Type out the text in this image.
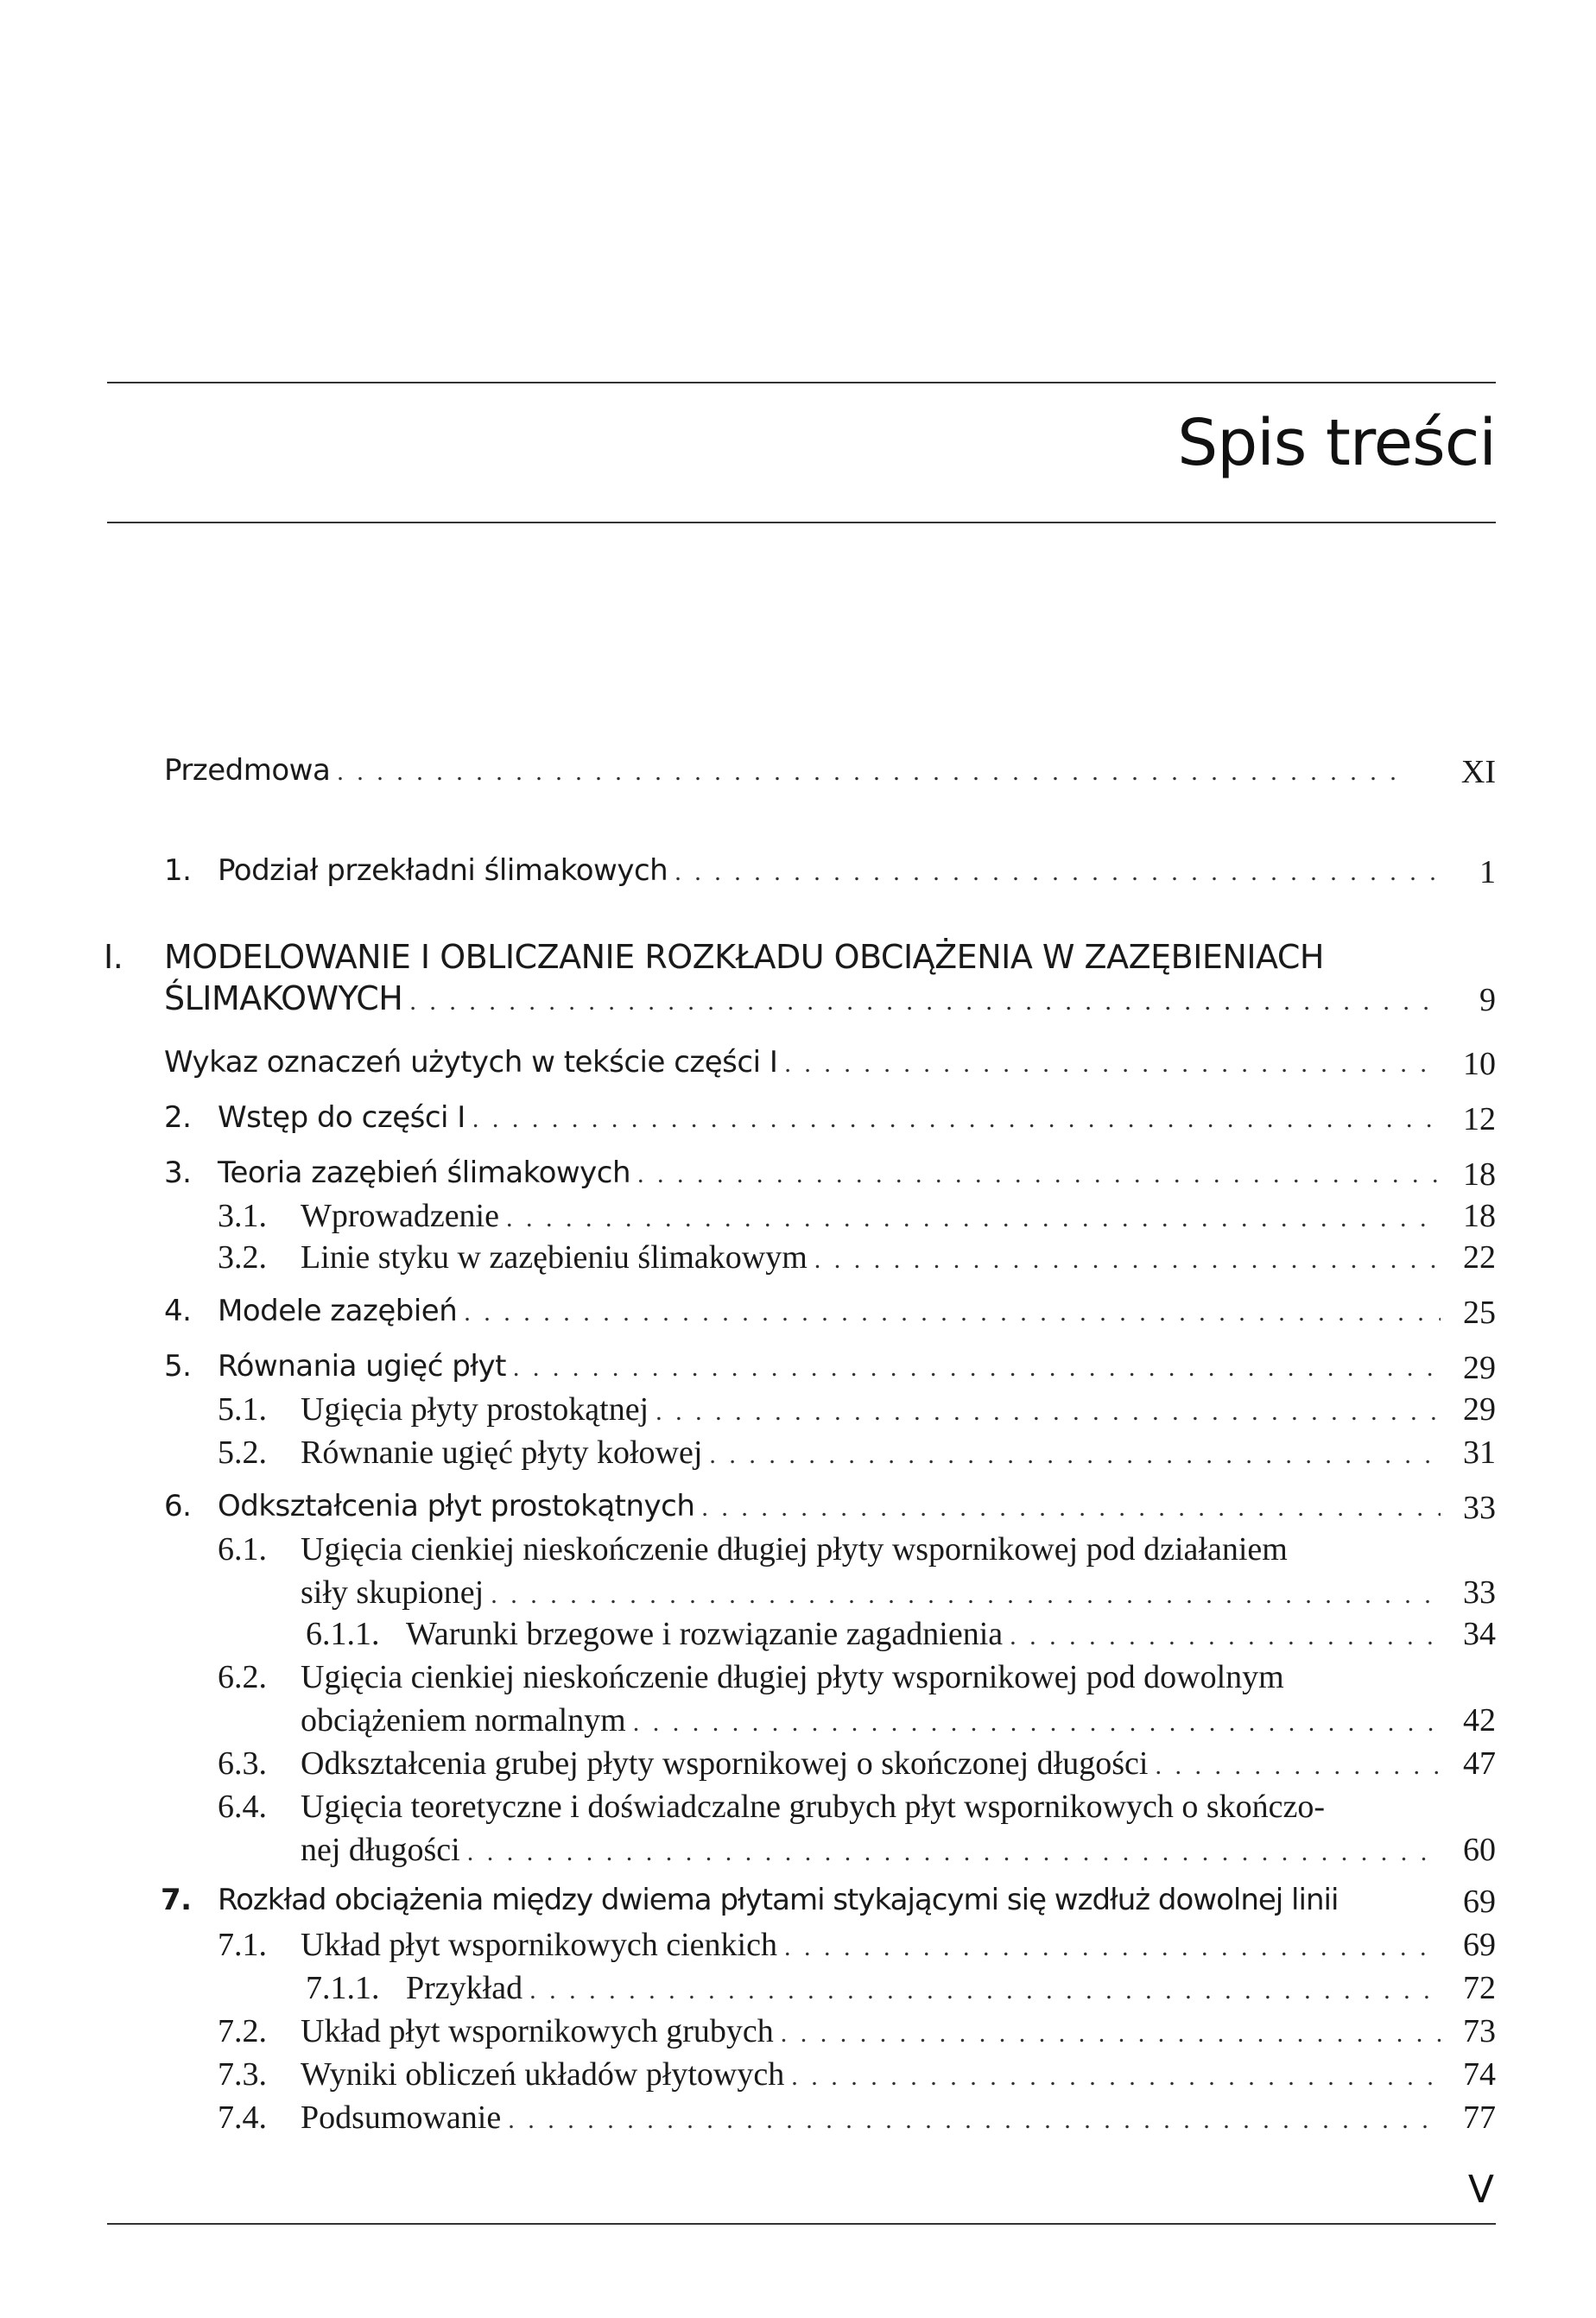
Spis treści
Przedmowa . . .	XI
1. Podział przekładni ślimakowych . . .	1
I. MODELOWANIE I OBLICZANIE ROZKŁADU OBCIĄŻENIA W ZAZĘBIENIACH
ŚLIMAKOWYCH . . .	9
Wykaz oznaczeń użytych w tekście części I . . .	10
2. Wstęp do części I . . .	12
3. Teoria zazębień ślimakowych . . .	18
3.1. Wprowadzenie . . .	18
3.2. Linie styku w zazębieniu ślimakowym . . .	22
4. Modele zazębień . . .	25
5. Równania ugięć płyt . . .	29
5.1. Ugięcia płyty prostokątnej . . .	29
5.2. Równanie ugięć płyty kołowej . . .	31
6. Odkształcenia płyt prostokątnych . . .	33
6.1. Ugięcia cienkiej nieskończenie długiej płyty wspornikowej pod działaniem
siły skupionej . . .	33
6.1.1. Warunki brzegowe i rozwiązanie zagadnienia . . .	34
6.2. Ugięcia cienkiej nieskończenie długiej płyty wspornikowej pod dowolnym
obciążeniem normalnym . . .	42
6.3. Odkształcenia grubej płyty wspornikowej o skończonej długości . . .	47
6.4. Ugięcia teoretyczne i doświadczalne grubych płyt wspornikowych o skończo-
nej długości . . .	60
7. Rozkład obciążenia między dwiema płytami stykającymi się wzdłuż dowolnej linii	69
7.1. Układ płyt wspornikowych cienkich . . .	69
7.1.1. Przykład . . .	72
7.2. Układ płyt wspornikowych grubych . . .	73
7.3. Wyniki obliczeń układów płytowych . . .	74
7.4. Podsumowanie . . .	77
V
